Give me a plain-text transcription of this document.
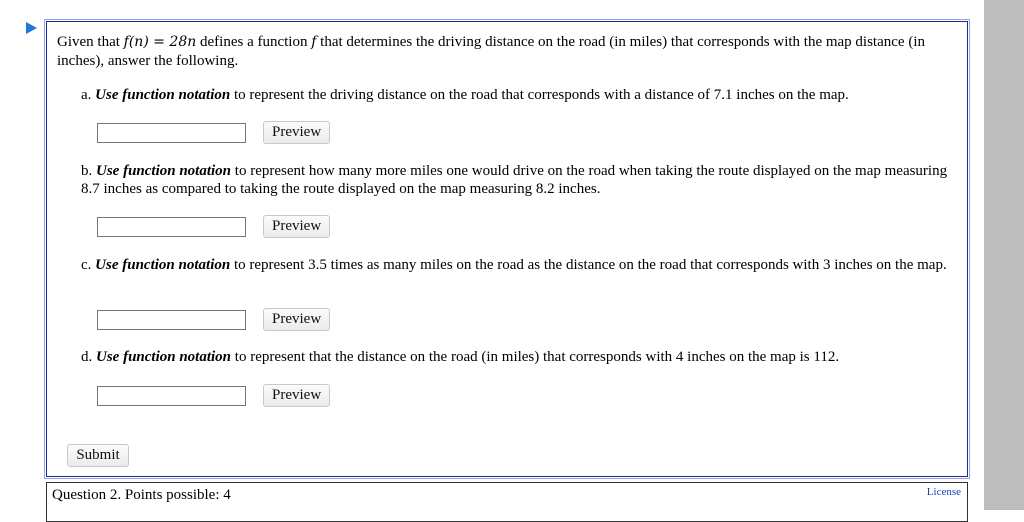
Given that f(n) = 28n defines a function f that determines the driving distance on the road (in miles) that corresponds with the map distance (in inches), answer the following.
a. Use function notation to represent the driving distance on the road that corresponds with a distance of 7.1 inches on the map.
Preview
b. Use function notation to represent how many more miles one would drive on the road when taking the route displayed on the map measuring 8.7 inches as compared to taking the route displayed on the map measuring 8.2 inches.
Preview
c. Use function notation to represent 3.5 times as many miles on the road as the distance on the road that corresponds with 3 inches on the map.
Preview
d. Use function notation to represent that the distance on the road (in miles) that corresponds with 4 inches on the map is 112.
Preview
Submit
Question 2. Points possible: 4	License
